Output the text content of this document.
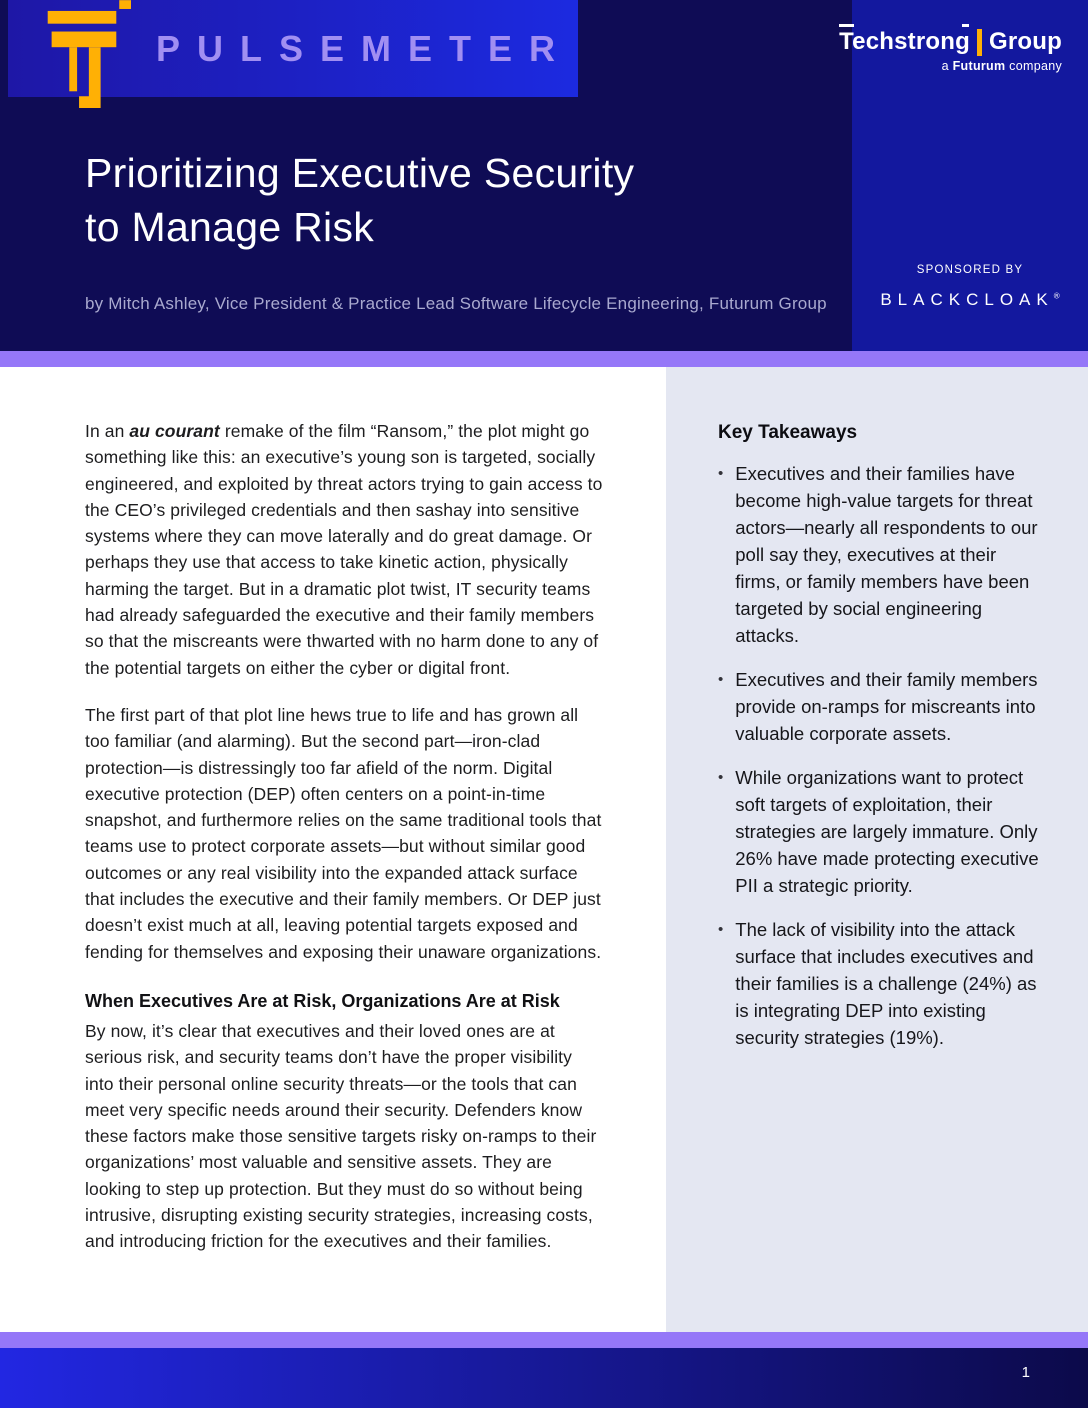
PULSEMETER
Prioritizing Executive Security
to Manage Risk

by Mitch Ashley, Vice President & Practice Lead Software Lifecycle Engineering, Futurum Group

Techstrong Group
a Futurum company
SPONSORED BY
BLACKCLOAK®
Key Takeaways
• Executives and their families have become high-value targets for threat actors—nearly all respondents to our poll say they, executives at their firms, or family members have been targeted by social engineering attacks.
• Executives and their family members provide on-ramps for miscreants into valuable corporate assets.
• While organizations want to protect soft targets of exploitation, their strategies are largely immature. Only 26% have made protecting executive PII a strategic priority.
• The lack of visibility into the attack surface that includes executives and their families is a challenge (24%) as is integrating DEP into existing security strategies (19%).

In an au courant remake of the film “Ransom,” the plot might go something like this: an executive’s young son is targeted, socially engineered, and exploited by threat actors trying to gain access to the CEO’s privileged credentials and then sashay into sensitive systems where they can move laterally and do great damage. Or perhaps they use that access to take kinetic action, physically harming the target. But in a dramatic plot twist, IT security teams had already safeguarded the executive and their family members so that the miscreants were thwarted with no harm done to any of the potential targets on either the cyber or digital front.

The first part of that plot line hews true to life and has grown all too familiar (and alarming). But the second part—iron-clad protection—is distressingly too far afield of the norm. Digital executive protection (DEP) often centers on a point-in-time snapshot, and furthermore relies on the same traditional tools that teams use to protect corporate assets—but without similar good outcomes or any real visibility into the expanded attack surface that includes the executive and their family members. Or DEP just doesn’t exist much at all, leaving potential targets exposed and fending for themselves and exposing their unaware organizations.

When Executives Are at Risk, Organizations Are at Risk

By now, it’s clear that executives and their loved ones are at serious risk, and security teams don’t have the proper visibility into their personal online security threats—or the tools that can meet very specific needs around their security. Defenders know these factors make those sensitive targets risky on-ramps to their organizations’ most valuable and sensitive assets. They are looking to step up protection. But they must do so without being intrusive, disrupting existing security strategies, increasing costs, and introducing friction for the executives and their families.

1
